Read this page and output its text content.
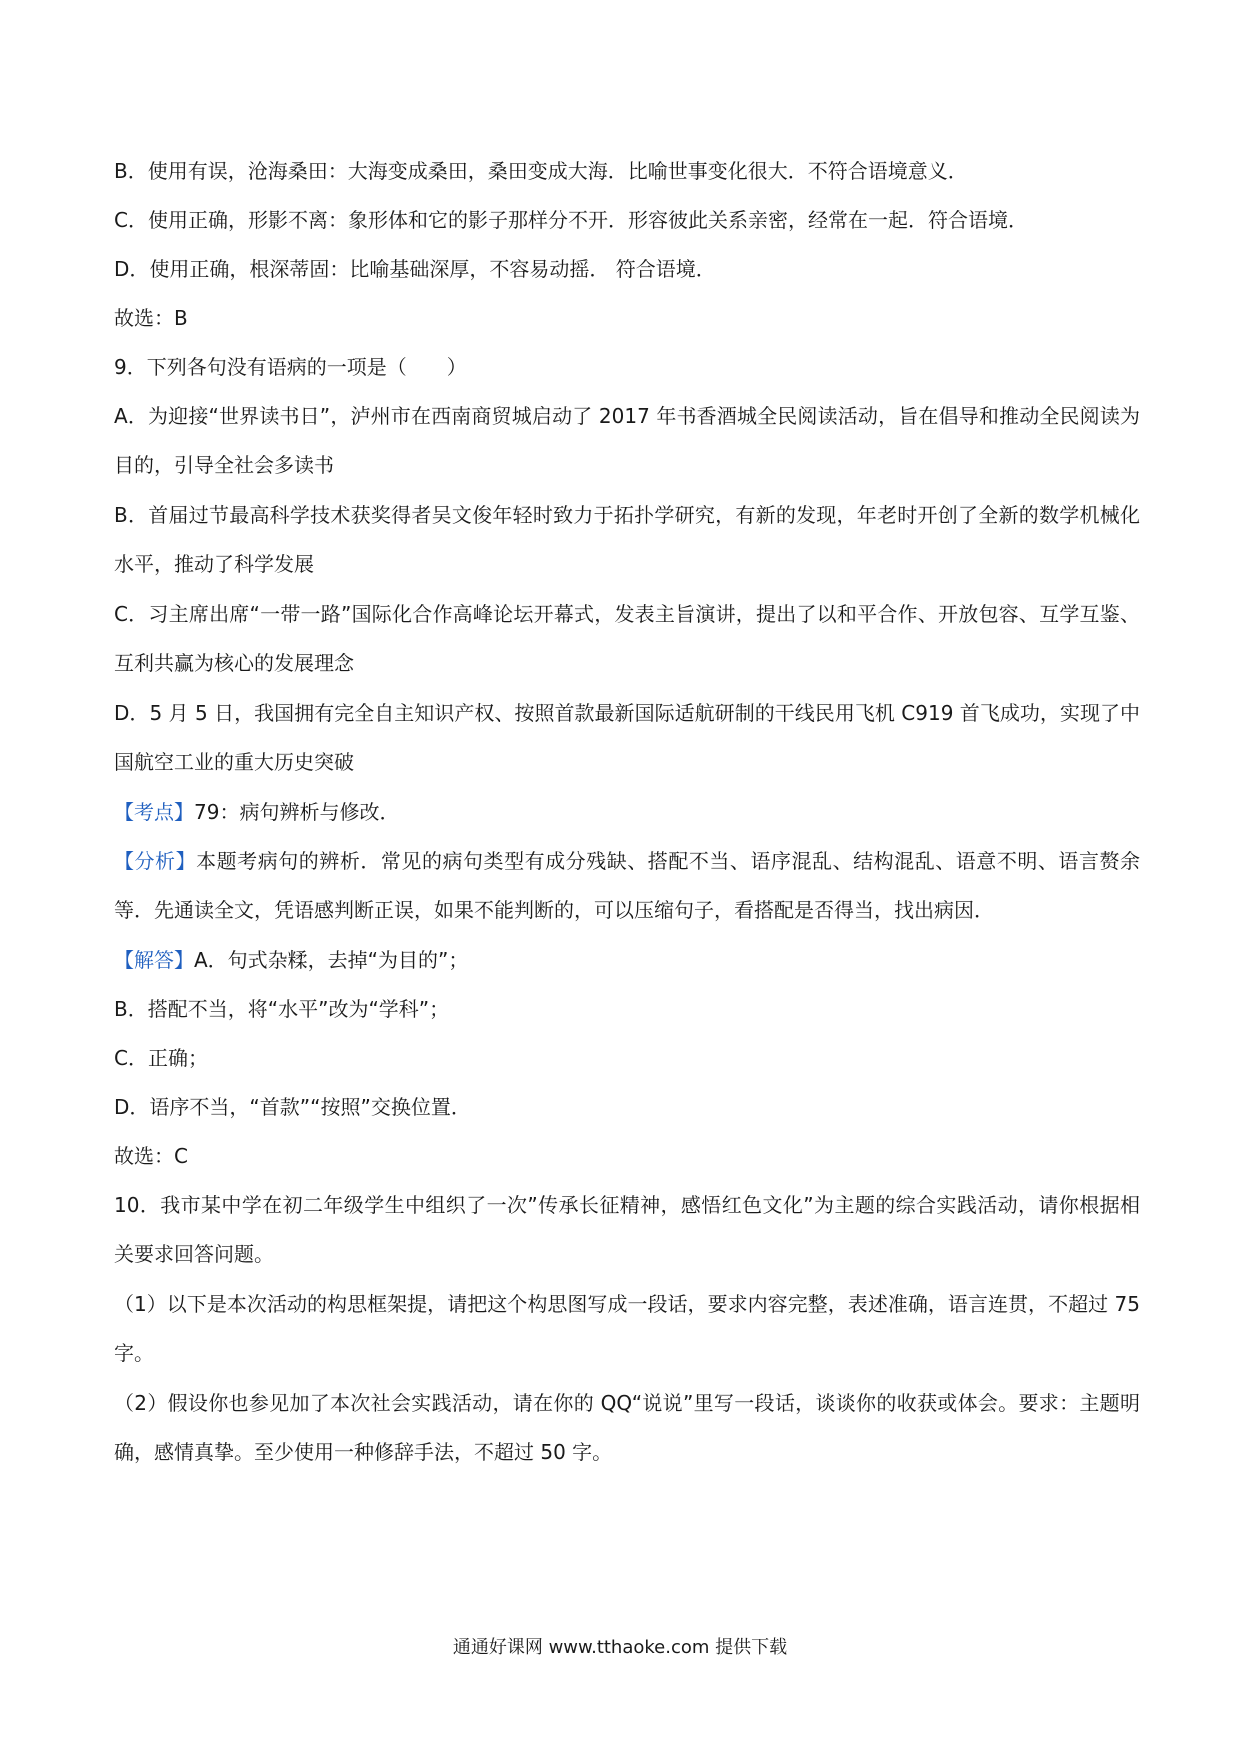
B．使用有误，沧海桑田：大海变成桑田，桑田变成大海．比喻世事变化很大．不符合语境意义．
C．使用正确，形影不离：象形体和它的影子那样分不开．形容彼此关系亲密，经常在一起．符合语境．
D．使用正确，根深蒂固：比喻基础深厚，不容易动摇． 符合语境．
故选：B
9．下列各句没有语病的一项是（　　）
A．为迎接“世界读书日”，泸州市在西南商贸城启动了 2017 年书香酒城全民阅读活动，旨在倡导和推动全民阅读为目的，引导全社会多读书
B．首届过节最高科学技术获奖得者吴文俊年轻时致力于拓扑学研究，有新的发现，年老时开创了全新的数学机械化水平，推动了科学发展
C．习主席出席“一带一路”国际化合作高峰论坛开幕式，发表主旨演讲，提出了以和平合作、开放包容、互学互鉴、互利共赢为核心的发展理念
D．5 月 5 日，我国拥有完全自主知识产权、按照首款最新国际适航研制的干线民用飞机 C919 首飞成功，实现了中国航空工业的重大历史突破
【考点】79：病句辨析与修改．
【分析】本题考病句的辨析．常见的病句类型有成分残缺、搭配不当、语序混乱、结构混乱、语意不明、语言赘余等．先通读全文，凭语感判断正误，如果不能判断的，可以压缩句子，看搭配是否得当，找出病因．
【解答】A．句式杂糅，去掉“为目的”；
B．搭配不当，将“水平”改为“学科”；
C．正确；
D．语序不当，“首款”“按照”交换位置．
故选：C
10．我市某中学在初二年级学生中组织了一次”传承长征精神，感悟红色文化”为主题的综合实践活动，请你根据相关要求回答问题。
（1）以下是本次活动的构思框架提，请把这个构思图写成一段话，要求内容完整，表述准确，语言连贯，不超过 75 字。
（2）假设你也参见加了本次社会实践活动，请在你的 QQ“说说”里写一段话，谈谈你的收获或体会。要求：主题明确，感情真挚。至少使用一种修辞手法，不超过 50 字。
通通好课网 www.tthaoke.com 提供下载
